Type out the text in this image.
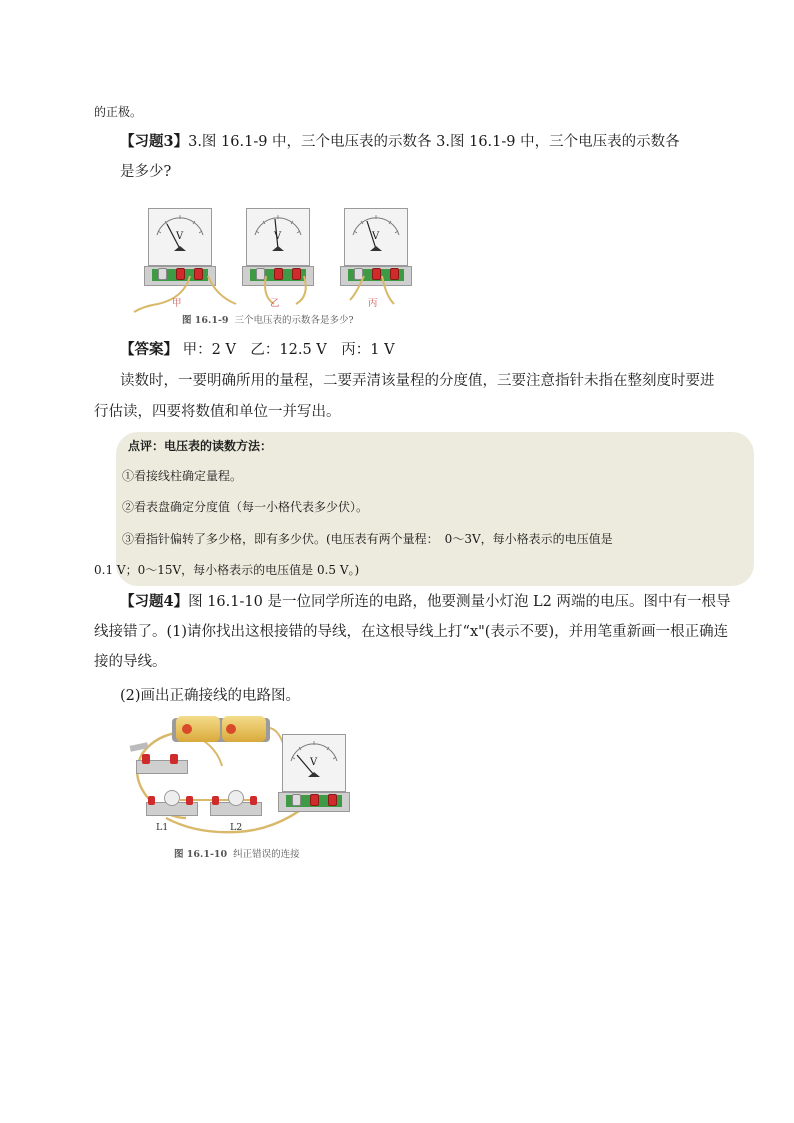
的正极。
【习题3】3.图 16.1-9 中，三个电压表的示数各 3.图 16.1-9 中，三个电压表的示数各
是多少?
V
甲
V
乙
V
丙
图 16.1-9 三个电压表的示数各是多少?
【答案】 甲：2 V　乙：12.5 V　丙：1 V
读数时，一要明确所用的量程，二要弄清该量程的分度值，三要注意指针未指在整刻度时要进
行估读，四要将数值和单位一并写出。
点评：电压表的读数方法：
①看接线柱确定量程。
②看表盘确定分度值（每一小格代表多少伏）。
③看指针偏转了多少格，即有多少伏。(电压表有两个量程：　0～3V，每小格表示的电压值是
0.1 V；0～15V，每小格表示的电压值是 0.5 V。)
【习题4】图 16.1-10 是一位同学所连的电路，他要测量小灯泡 L2 两端的电压。图中有一根导
线接错了。(1)请你找出这根接错的导线，在这根导线上打“x"(表示不要)，并用笔重新画一根正确连
接的导线。
(2)画出正确接线的电路图。
L1	L2
V
图 16.1-10 纠正错误的连接
